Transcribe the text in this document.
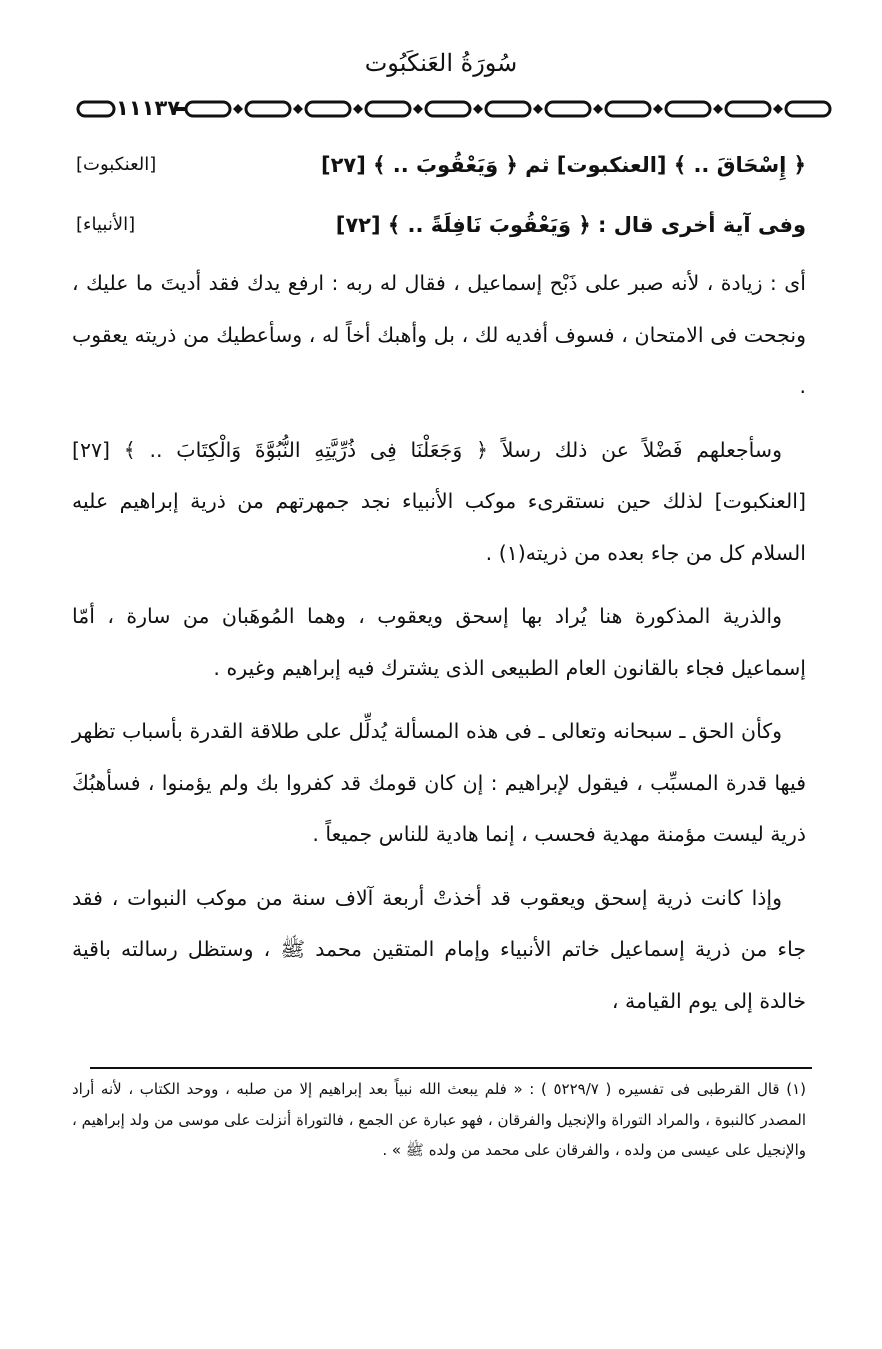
سُورَةُ العَنكَبُوت
١١١٣٧
﴿ إِسْحَاقَ .. ﴾ [العنكبوت] ثم ﴿ وَيَعْقُوبَ .. ﴾ [٢٧]
[العنكبوت]
وفى آية أخرى قال : ﴿ وَيَعْقُوبَ نَافِلَةً .. ﴾ [٧٢]
[الأنبياء]

أى : زيادة ، لأنه صبر على ذَبْح إسماعيل ، فقال له ربه : ارفع يدك فقد أديتَ ما عليك ، ونجحت فى الامتحان ، فسوف أفديه لك ، بل وأهبك أخاً له ، وسأعطيك من ذريته يعقوب .

وسأجعلهم فَضْلاً عن ذلك رسلاً ﴿ وَجَعَلْنَا فِى ذُرِّيَّتِهِ النُّبُوَّةَ وَالْكِتَابَ .. ﴾ [٢٧] [العنكبوت] لذلك حين نستقرىء موكب الأنبياء نجد جمهرتهم من ذرية إبراهيم عليه السلام كل من جاء بعده من ذريته(١) .

والذرية المذكورة هنا يُراد بها إسحق ويعقوب ، وهما المُوهَبان من سارة ، أمّا إسماعيل فجاء بالقانون العام الطبيعى الذى يشترك فيه إبراهيم وغيره .

وكأن الحق ـ سبحانه وتعالى ـ فى هذه المسألة يُدلِّل على طلاقة القدرة بأسباب تظهر فيها قدرة المسبِّب ، فيقول لإبراهيم : إن كان قومك قد كفروا بك ولم يؤمنوا ، فسأهبُكَ ذرية ليست مؤمنة مهدية فحسب ، إنما هادية للناس جميعاً .

وإذا كانت ذرية إسحق ويعقوب قد أخذتْ أربعة آلاف سنة من موكب النبوات ، فقد جاء من ذرية إسماعيل خاتم الأنبياء وإمام المتقين محمد ﷺ ، وستظل رسالته باقية خالدة إلى يوم القيامة ،

(١) قال القرطبى فى تفسيره ( ٥٢٢٩/٧ ) : « فلم يبعث الله نبياً بعد إبراهيم إلا من صلبه ، ووحد الكتاب ، لأنه أراد المصدر كالنبوة ، والمراد التوراة والإنجيل والفرقان ، فهو عبارة عن الجمع ، فالتوراة أنزلت على موسى من ولد إبراهيم ، والإنجيل على عيسى من ولده ، والفرقان على محمد من ولده ﷺ » .
